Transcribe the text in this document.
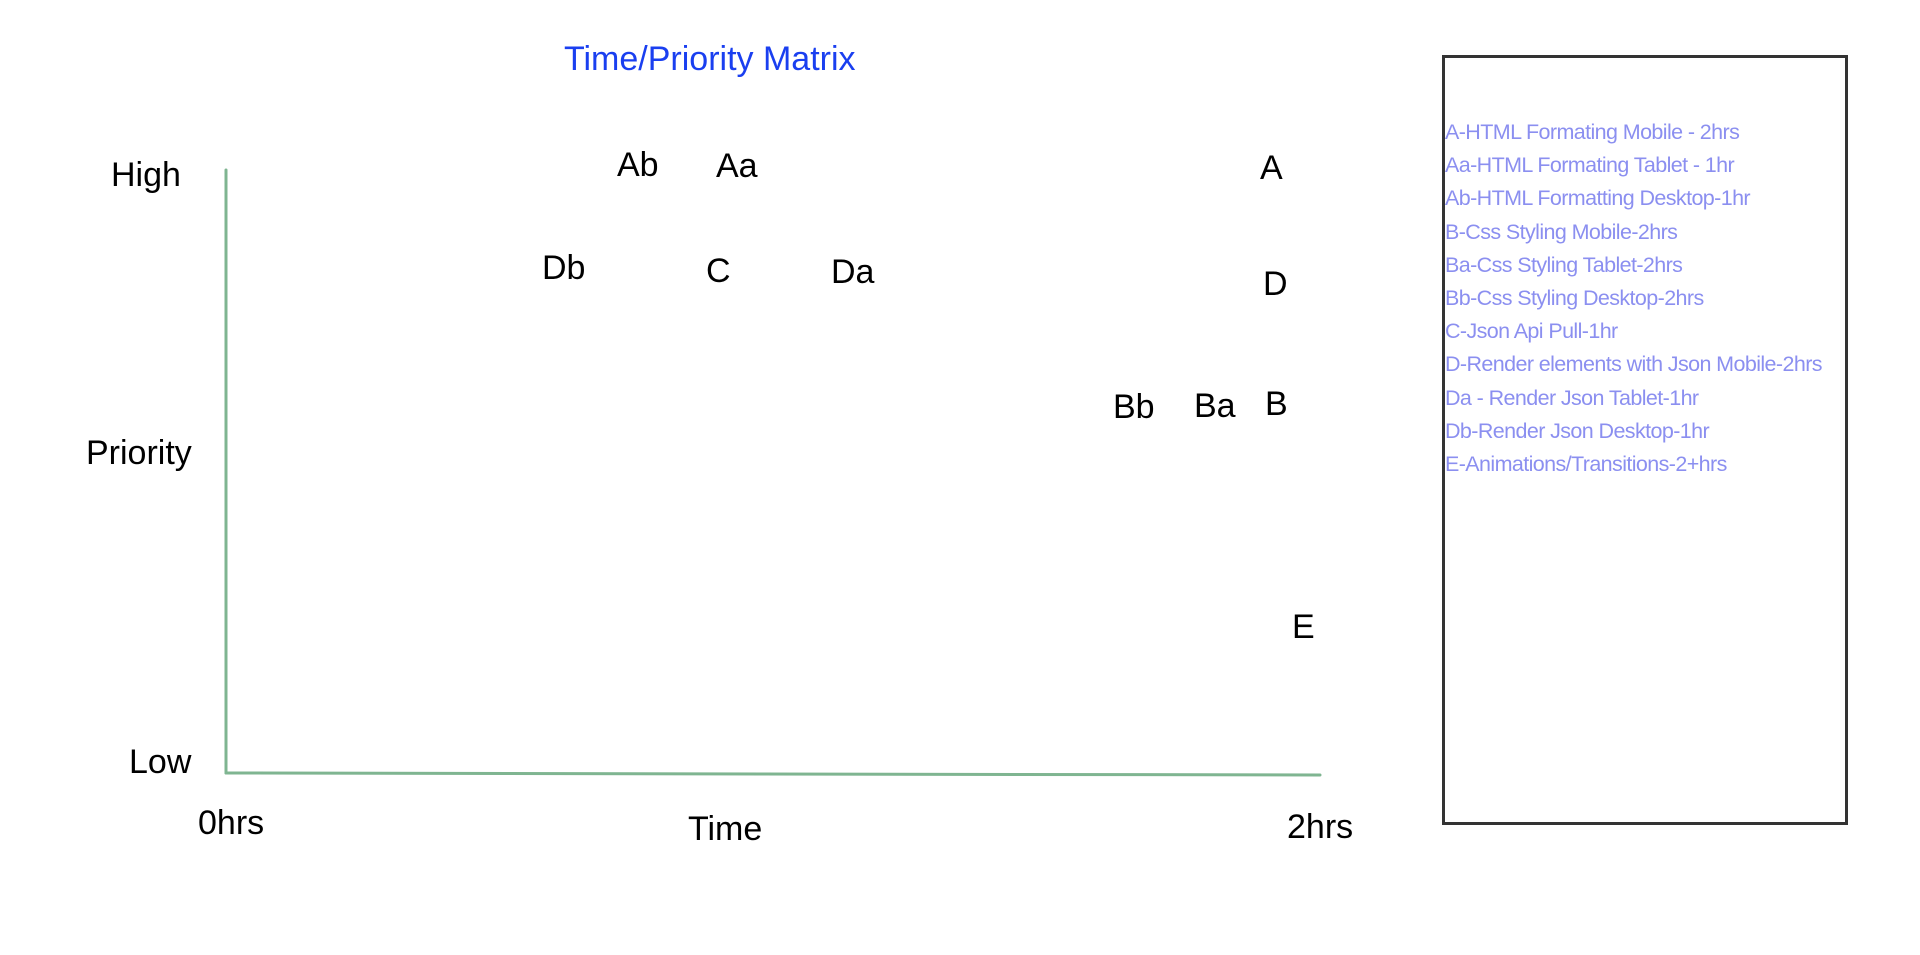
Time/Priority Matrix
High
Priority
Low
0hrs	Time	2hrs
Ab Aa	A
Db	C	Da	D
Bb Ba B
E
A-HTML Formating Mobile - 2hrs
Aa-HTML Formating Tablet - 1hr
Ab-HTML Formatting Desktop-1hr
B-Css Styling Mobile-2hrs
Ba-Css Styling Tablet-2hrs
Bb-Css Styling Desktop-2hrs
C-Json Api Pull-1hr
D-Render elements with Json Mobile-2hrs
Da - Render Json Tablet-1hr
Db-Render Json Desktop-1hr
E-Animations/Transitions-2+hrs
